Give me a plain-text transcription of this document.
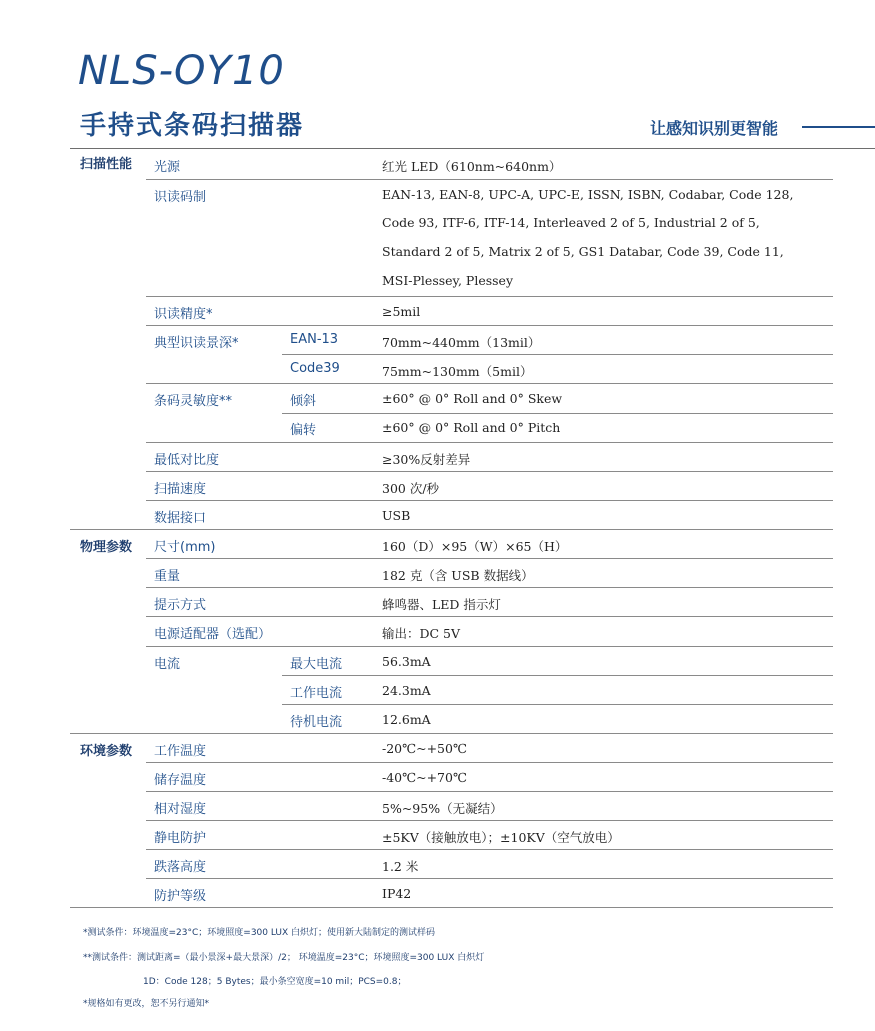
NLS-OY10
手持式条码扫描器	让感知识别更智能
扫描性能 光源	红光 LED（610nm~640nm）
识读码制	EAN-13, EAN-8, UPC-A, UPC-E, ISSN, ISBN, Codabar, Code 128,
Code 93, ITF-6, ITF-14, Interleaved 2 of 5, Industrial 2 of 5,
Standard 2 of 5, Matrix 2 of 5, GS1 Databar, Code 39, Code 11,
MSI-Plessey, Plessey
识读精度*	≥5mil
典型识读景深*	EAN-13	70mm~440mm（13mil）
Code39	75mm~130mm（5mil）
条码灵敏度**	倾斜	±60° @ 0° Roll and 0° Skew
偏转	±60° @ 0° Roll and 0° Pitch
最低对比度	≥30%反射差异
扫描速度	300 次/秒
数据接口	USB
物理参数 尺寸(mm)	160（D）×95（W）×65（H）
重量	182 克（含 USB 数据线）
提示方式	蜂鸣器、LED 指示灯
电源适配器（选配）	输出：DC 5V
电流	最大电流	56.3mA
工作电流	24.3mA
待机电流	12.6mA
环境参数 工作温度	-20℃~+50℃
储存温度	-40℃~+70℃
相对湿度	5%~95%（无凝结）
静电防护	±5KV（接触放电）；±10KV（空气放电）
跌落高度	1.2 米
防护等级	IP42
*测试条件：环境温度=23°C；环境照度=300 LUX 白炽灯；使用新大陆制定的测试样码
**测试条件：测试距离=（最小景深+最大景深）/2； 环境温度=23°C；环境照度=300 LUX 白炽灯
1D：Code 128；5 Bytes；最小条空宽度=10 mil；PCS=0.8；
*规格如有更改，恕不另行通知*
